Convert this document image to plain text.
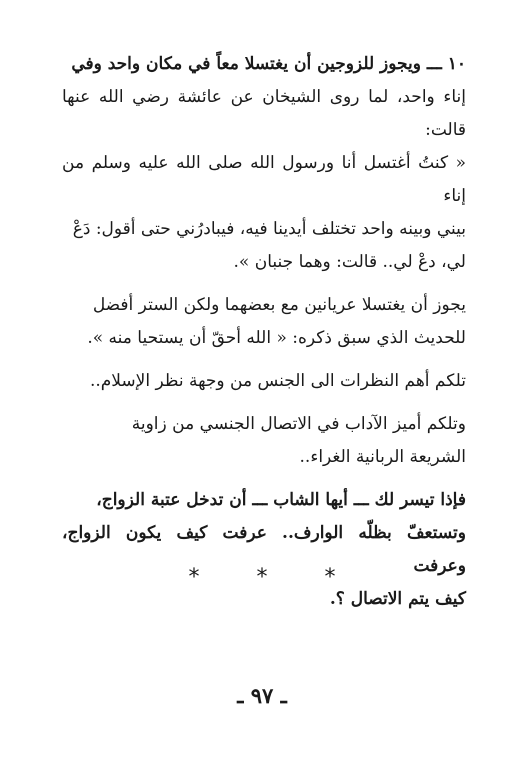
١٠ ـــ ويجوز للزوجين أن يغتسلا معاً في مكان واحد وفي

إناء واحد، لما روى الشيخان عن عائشة رضي الله عنها قالت:

« كنتُ أغتسل أنا ورسول الله صلى الله عليه وسلم من إناء

بيني وبينه واحد تختلف أيدينا فيه، فيبادرُني حتى أقول: دَعْ

لي، دعْ لي.. قالت: وهما جنبان ».

يجوز أن يغتسلا عريانين مع بعضهما ولكن الستر أفضل

للحديث الذي سبق ذكره: « الله أحقّ أن يستحيا منه ».

تلكم أهم النظرات الى الجنس من وجهة نظر الإسلام..

وتلكم أميز الآداب في الاتصال الجنسي من زاوية

الشريعة الربانية الغراء..

فإذا تيسر لك ـــ أيها الشاب ـــ أن تدخل عتبة الزواج،

وتستعفّ بظلّه الوارف.. عرفت كيف يكون الزواج، وعرفت

كيف يتم الاتصال ؟.

*	*	*
ـ ٩٧ ـ
